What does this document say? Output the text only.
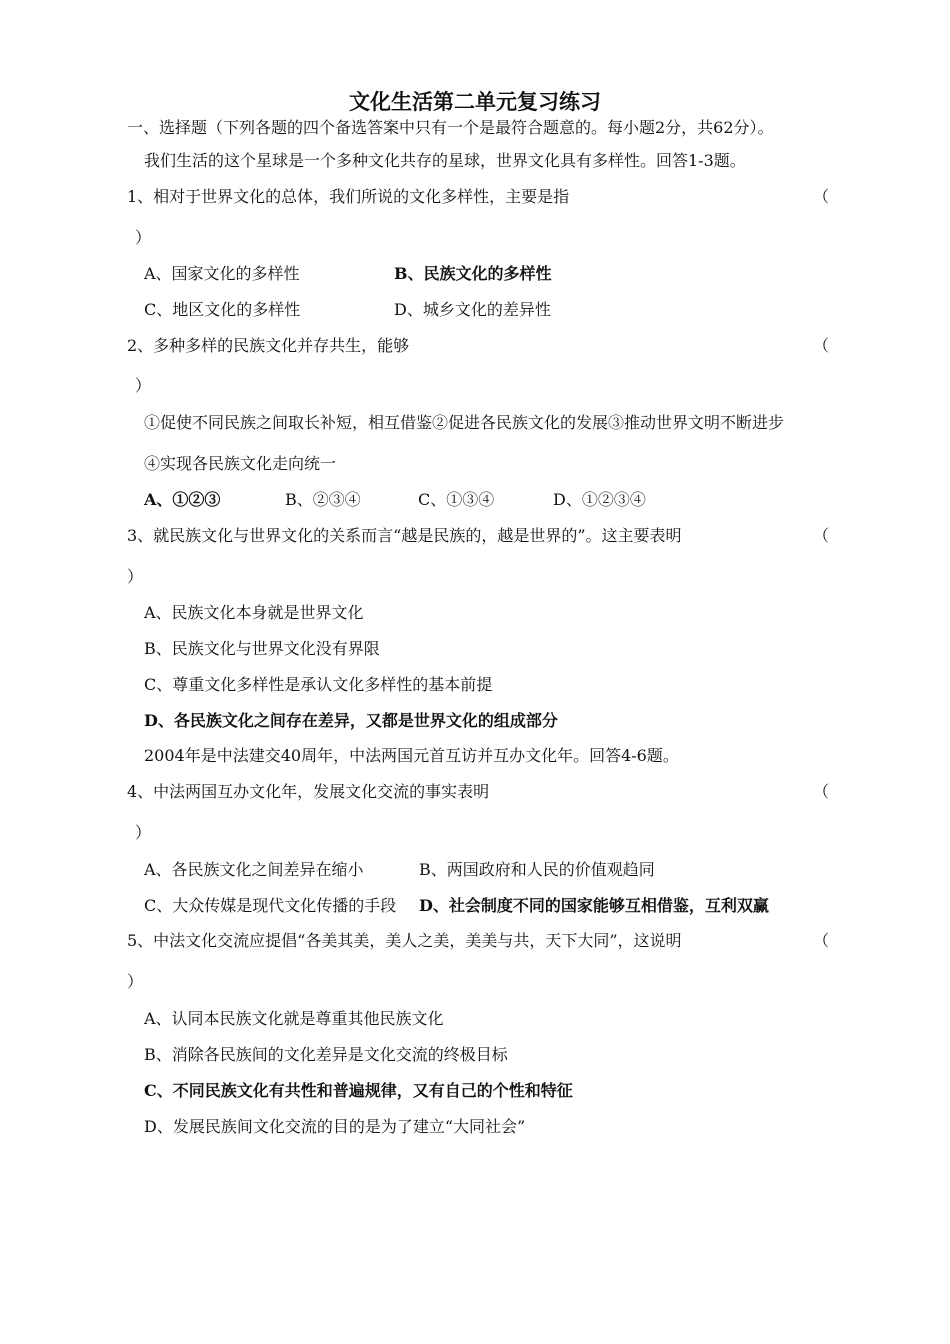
文化生活第二单元复习练习
一、选择题（下列各题的四个备选答案中只有一个是最符合题意的。每小题2分，共62分）。
我们生活的这个星球是一个多种文化共存的星球，世界文化具有多样性。回答1-3题。
1、相对于世界文化的总体，我们所说的文化多样性，主要是指	（
）
A、国家文化的多样性	B、民族文化的多样性
C、地区文化的多样性	D、城乡文化的差异性
2、多种多样的民族文化并存共生，能够	（
）
①促使不同民族之间取长补短，相互借鉴②促进各民族文化的发展③推动世界文明不断进步
④实现各民族文化走向统一
A、①②③	B、②③④	C、①③④	D、①②③④
3、就民族文化与世界文化的关系而言“越是民族的，越是世界的”。这主要表明	（
）
A、民族文化本身就是世界文化
B、民族文化与世界文化没有界限
C、尊重文化多样性是承认文化多样性的基本前提
D、各民族文化之间存在差异，又都是世界文化的组成部分
2004年是中法建交40周年，中法两国元首互访并互办文化年。回答4-6题。
4、中法两国互办文化年，发展文化交流的事实表明	（
）
A、各民族文化之间差异在缩小	B、两国政府和人民的价值观趋同
C、大众传媒是现代文化传播的手段 D、社会制度不同的国家能够互相借鉴，互利双赢
5、中法文化交流应提倡“各美其美，美人之美，美美与共，天下大同”，这说明	（
）
A、认同本民族文化就是尊重其他民族文化
B、消除各民族间的文化差异是文化交流的终极目标
C、不同民族文化有共性和普遍规律，又有自己的个性和特征
D、发展民族间文化交流的目的是为了建立“大同社会”
